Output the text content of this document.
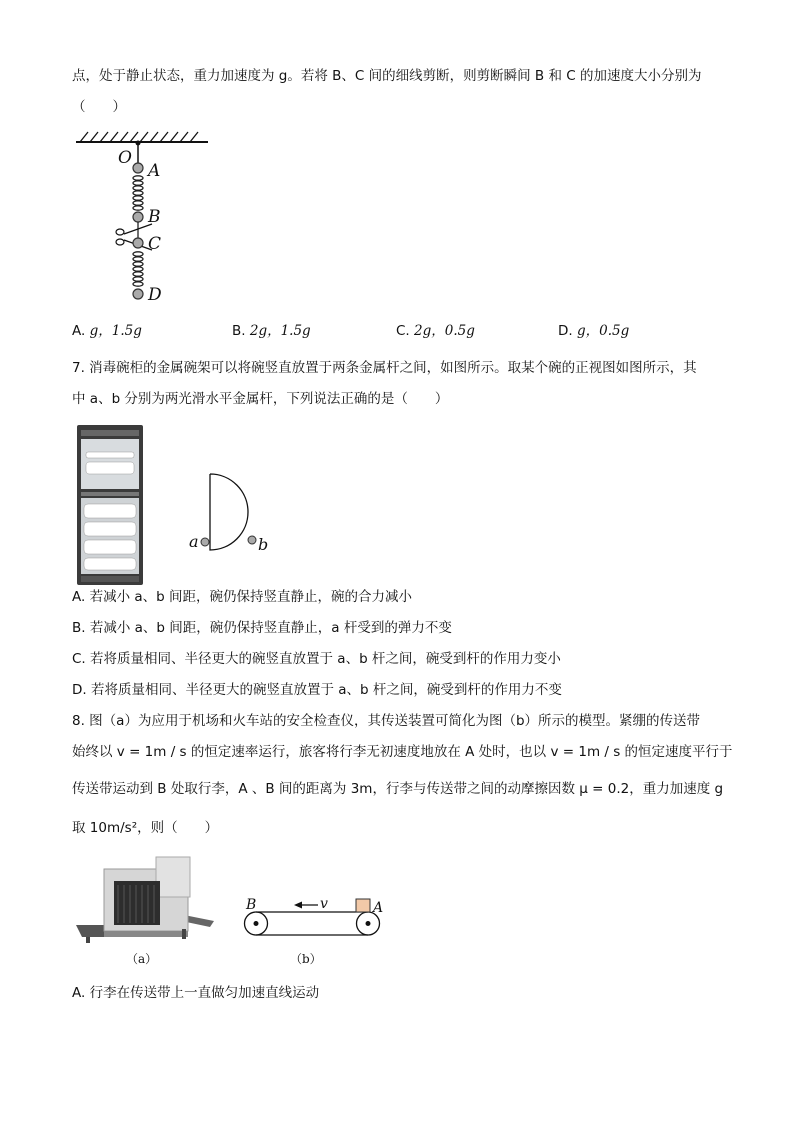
点，处于静止状态，重力加速度为 g。若将 B、C 间的细线剪断，则剪断瞬间 B 和 C 的加速度大小分别为
（　　）
O
A
B
C
D
A. g，1.5g	B. 2g，1.5g	C. 2g，0.5g	D. g，0.5g
7. 消毒碗柜的金属碗架可以将碗竖直放置于两条金属杆之间，如图所示。取某个碗的正视图如图所示，其
中 a、b 分别为两光滑水平金属杆，下列说法正确的是（　　）
a	b
A. 若减小 a、b 间距，碗仍保持竖直静止，碗的合力减小
B. 若减小 a、b 间距，碗仍保持竖直静止，a 杆受到的弹力不变
C. 若将质量相同、半径更大的碗竖直放置于 a、b 杆之间，碗受到杆的作用力变小
D. 若将质量相同、半径更大的碗竖直放置于 a、b 杆之间，碗受到杆的作用力不变
8. 图（a）为应用于机场和火车站的安全检查仪，其传送装置可简化为图（b）所示的模型。紧绷的传送带
始终以 v = 1m / s 的恒定速率运行，旅客将行李无初速度地放在 A 处时，也以 v = 1m / s 的恒定速度平行于
传送带运动到 B 处取行李，A 、B 间的距离为 3m，行李与传送带之间的动摩擦因数 μ = 0.2，重力加速度 g
取 10m/s²，则（　　）
（a）
B	A
v
（b）
A. 行李在传送带上一直做匀加速直线运动
